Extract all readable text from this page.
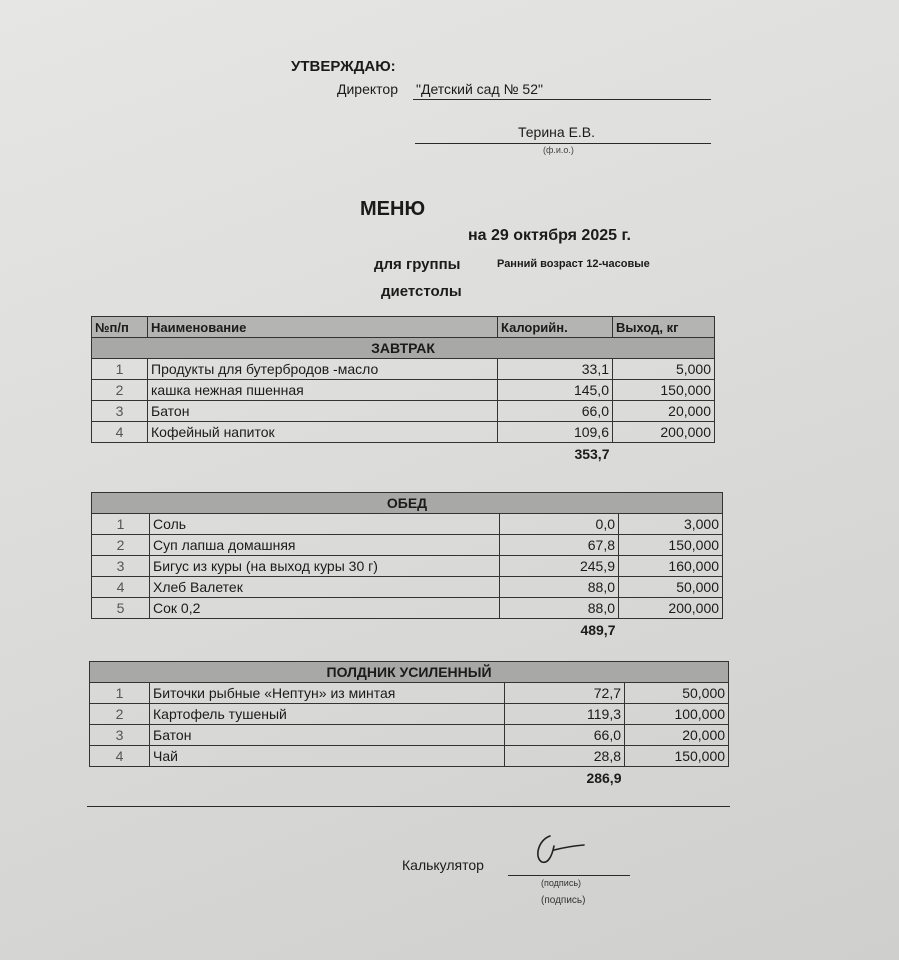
УТВЕРЖДАЮ:
Директор "Детский сад № 52"
Терина Е.В.
(ф.и.о.)
МЕНЮ
на 29 октября 2025 г.
для группы	Ранний возраст 12-часовые
диетстолы
№п/п	Наименование	Калорийн.	Выход, кг
ЗАВТРАК			
1	Продукты для бутербродов -масло	33,1	5,000
2	кашка нежная пшенная	145,0	150,000
3	Батон	66,0	20,000
4	Кофейный напиток	109,6	200,000
		353,7	
ОБЕД			
1	Соль	0,0	3,000
2	Суп лапша домашняя	67,8	150,000
3	Бигус из куры (на выход куры 30 г)	245,9	160,000
4	Хлеб Валетек	88,0	50,000
5	Сок 0,2	88,0	200,000
		489,7	
ПОЛДНИК УСИЛЕННЫЙ			
1	Биточки рыбные «Нептун» из минтая	72,7	50,000
2	Картофель тушеный	119,3	100,000
3	Батон	66,0	20,000
4	Чай	28,8	150,000
		286,9	
Калькулятор
(подпись)
(подпись)
